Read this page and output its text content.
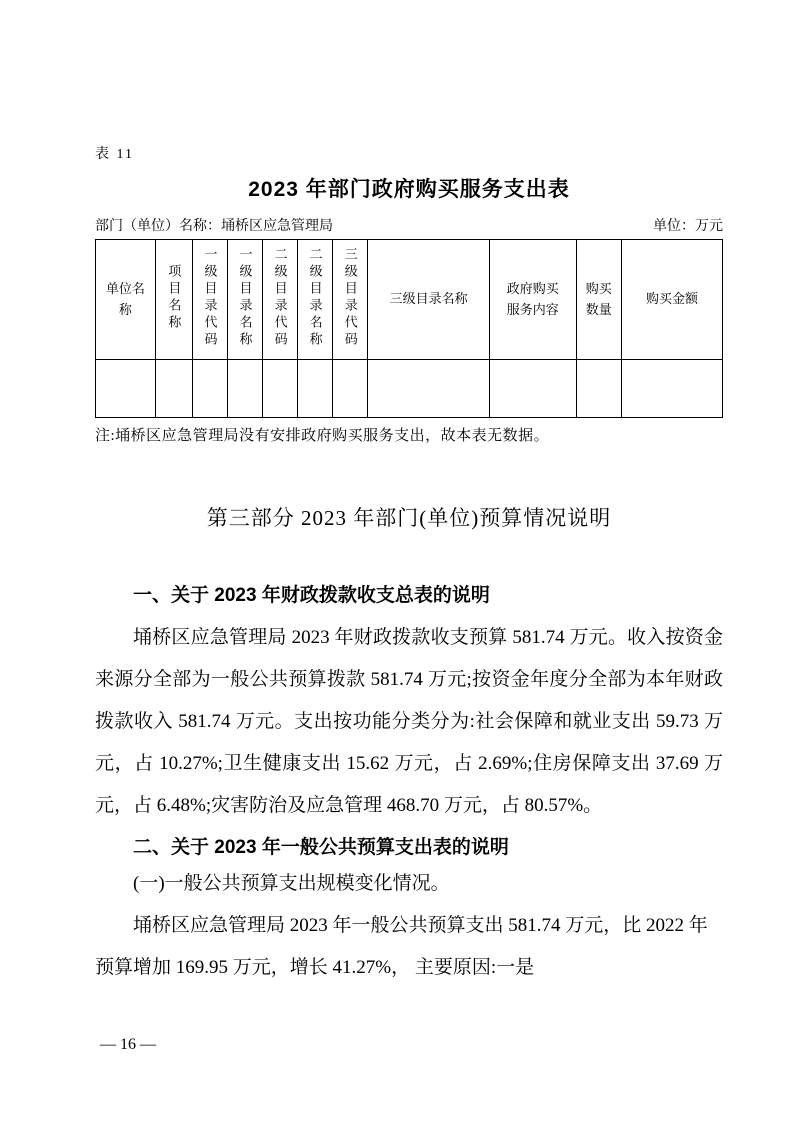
表 11
2023 年部门政府购买服务支出表
部门（单位）名称：埇桥区应急管理局	单位：万元
单位名称	项目名称	一级目录代码	一级目录名称	二级目录代码	二级目录名称	三级目录代码	三级目录名称	政府购买服务内容	购买数量	购买金额

注:埇桥区应急管理局没有安排政府购买服务支出，故本表无数据。
第三部分 2023 年部门(单位)预算情况说明
一、关于 2023 年财政拨款收支总表的说明

埇桥区应急管理局 2023 年财政拨款收支预算 581.74 万元。收入按资金来源分全部为一般公共预算拨款 581.74 万元;按资金年度分全部为本年财政拨款收入 581.74 万元。支出按功能分类分为:社会保障和就业支出 59.73 万元，占 10.27%;卫生健康支出 15.62 万元，占 2.69%;住房保障支出 37.69 万元，占 6.48%;灾害防治及应急管理 468.70 万元，占 80.57%。

二、关于 2023 年一般公共预算支出表的说明

(一)一般公共预算支出规模变化情况。

埇桥区应急管理局 2023 年一般公共预算支出 581.74 万元，比 2022 年预算增加 169.95 万元，增长 41.27%， 主要原因:一是

— 16 —
